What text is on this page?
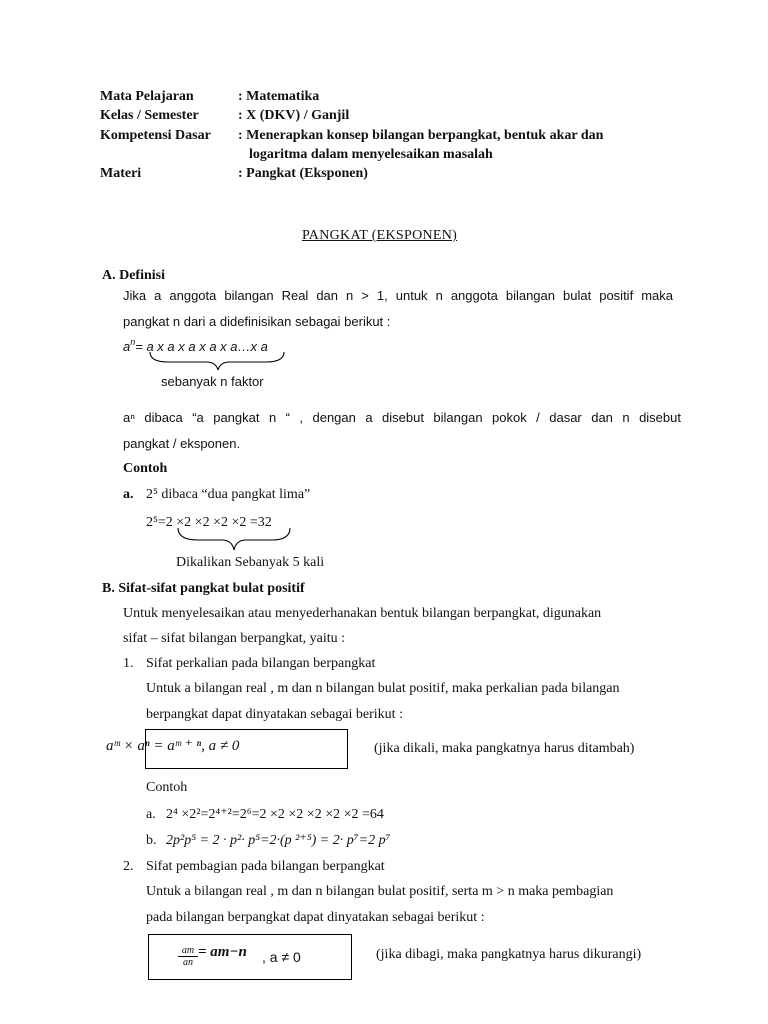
Mata Pelajaran	: Matematika
Kelas / Semester	: X (DKV) / Ganjil
Kompetensi Dasar : Menerapkan konsep bilangan berpangkat, bentuk akar dan
logaritma dalam menyelesaikan masalah
Materi	: Pangkat (Eksponen)
PANGKAT (EKSPONEN)
A. Definisi
Jika a anggota bilangan Real dan n > 1, untuk n anggota bilangan bulat positif maka
pangkat n dari a didefinisikan sebagai berikut :
$a^n= a$ x a x a x a x a…x a
sebanyak n faktor
aⁿ dibaca “a pangkat n “ , dengan a disebut bilangan pokok / dasar dan n disebut
pangkat / eksponen.
Contoh
a. 2⁵ dibaca “dua pangkat lima”
2⁵=2 ×2 ×2 ×2 ×2 =32
Dikalikan Sebanyak 5 kali
B. Sifat-sifat pangkat bulat positif
Untuk menyelesaikan atau menyederhanakan bentuk bilangan berpangkat, digunakan
sifat – sifat bilangan berpangkat, yaitu :
1. Sifat perkalian pada bilangan berpangkat
Untuk a bilangan real , m dan n bilangan bulat positif, maka perkalian pada bilangan
berpangkat dapat dinyatakan sebagai berikut :
aᵐ × aⁿ = aᵐ ⁺ ⁿ, a ≠ 0	(jika dikali, maka pangkatnya harus ditambah)
Contoh
a. 2⁴ ×2²=2⁴⁺²=2⁶=2 ×2 ×2 ×2 ×2 ×2 =64
b. 2p²p⁵ = 2 · p²· p⁵=2·(p ²⁺⁵) = 2· p⁷=2 p⁷
2. Sifat pembagian pada bilangan berpangkat
Untuk a bilangan real , m dan n bilangan bulat positif, serta m > n maka pembagian
pada bilangan berpangkat dapat dinyatakan sebagai berikut :
$\frac{am}{an} = am-n$ , a ≠ 0	(jika dibagi, maka pangkatnya harus dikurangi)
